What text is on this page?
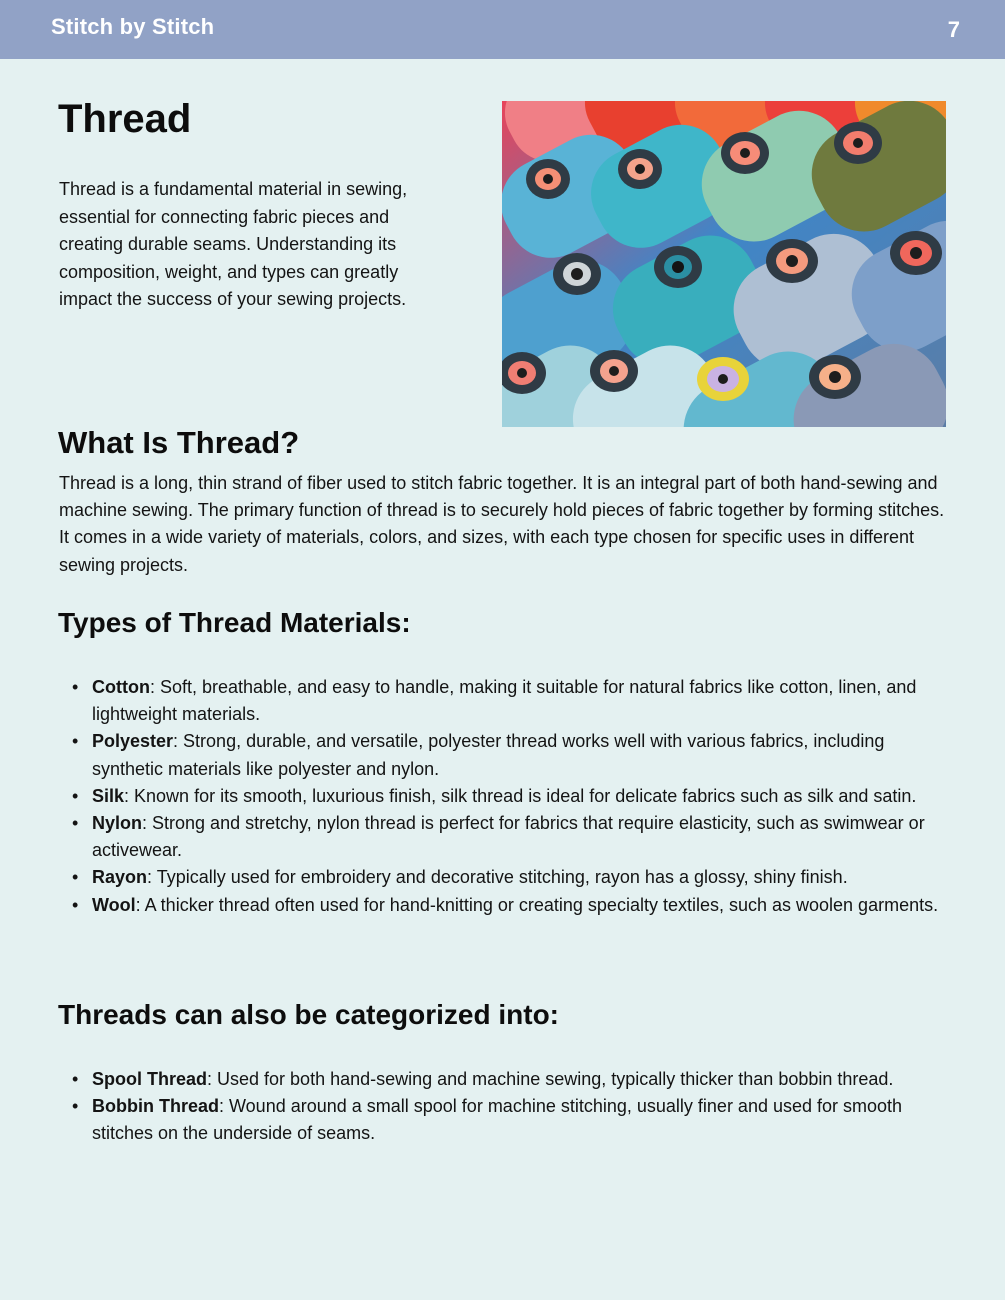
Stitch by Stitch	7
Thread

Thread is a fundamental material in sewing, essential for connecting fabric pieces and creating durable seams. Understanding its composition, weight, and types can greatly impact the success of your sewing projects.

What Is Thread?

Thread is a long, thin strand of fiber used to stitch fabric together. It is an integral part of both hand-sewing and machine sewing. The primary function of thread is to securely hold pieces of fabric together by forming stitches. It comes in a wide variety of materials, colors, and sizes, with each type chosen for specific uses in different sewing projects.

Types of Thread Materials:
• Cotton: Soft, breathable, and easy to handle, making it suitable for natural fabrics like cotton, linen, and lightweight materials.
• Polyester: Strong, durable, and versatile, polyester thread works well with various fabrics, including synthetic materials like polyester and nylon.
• Silk: Known for its smooth, luxurious finish, silk thread is ideal for delicate fabrics such as silk and satin.
• Nylon: Strong and stretchy, nylon thread is perfect for fabrics that require elasticity, such as swimwear or activewear.
• Rayon: Typically used for embroidery and decorative stitching, rayon has a glossy, shiny finish.
• Wool: A thicker thread often used for hand-knitting or creating specialty textiles, such as woolen garments.
Threads can also be categorized into:
• Spool Thread: Used for both hand-sewing and machine sewing, typically thicker than bobbin thread.
• Bobbin Thread: Wound around a small spool for machine stitching, usually finer and used for smooth stitches on the underside of seams.
